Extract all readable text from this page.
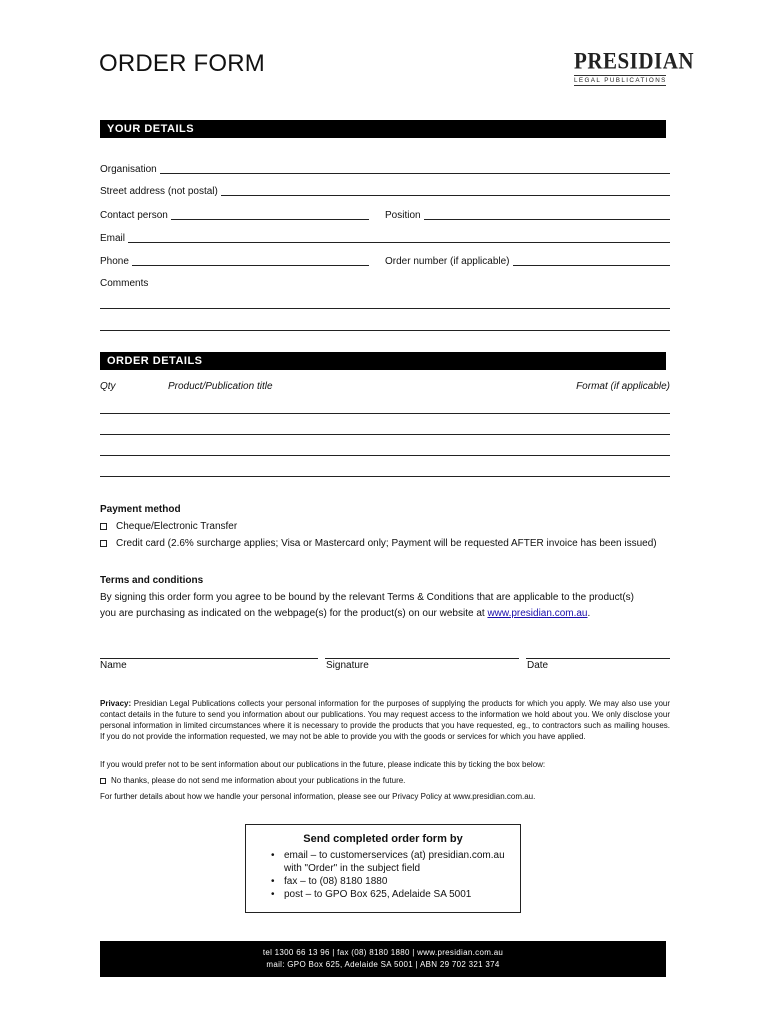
ORDER FORM	PRESIDIAN
LEGAL PUBLICATIONS
YOUR DETAILS
Organisation
Street address (not postal)
Contact person	Position
Email
Phone	Order number (if applicable)
Comments
ORDER DETAILS
Qty	Product/Publication title	Format (if applicable)
Payment method
Cheque/Electronic Transfer
Credit card (2.6% surcharge applies; Visa or Mastercard only; Payment will be requested AFTER invoice has been issued)
Terms and conditions
By signing this order form you agree to be bound by the relevant Terms & Conditions that are applicable to the product(s)
you are purchasing as indicated on the webpage(s) for the product(s) on our website at www.presidian.com.au.
Name	Signature	Date
Privacy: Presidian Legal Publications collects your personal information for the purposes of supplying the products for which you apply. We may also use your contact details in the future to send you information about our publications. You may request access to the information we hold about you. We only disclose your personal information in limited circumstances where it is necessary to provide the products that you have requested, eg., to contractors such as mailing houses. If you do not provide the information requested, we may not be able to provide you with the goods or services for which you have applied.
If you would prefer not to be sent information about our publications in the future, please indicate this by ticking the box below:
No thanks, please do not send me information about your publications in the future.
For further details about how we handle your personal information, please see our Privacy Policy at www.presidian.com.au.
Send completed order form by
• email – to customerservices (at) presidian.com.au
with "Order" in the subject field
• fax – to (08) 8180 1880
• post – to GPO Box 625, Adelaide SA 5001
tel 1300 66 13 96 | fax (08) 8180 1880 | www.presidian.com.au
mail: GPO Box 625, Adelaide SA 5001 | ABN 29 702 321 374
